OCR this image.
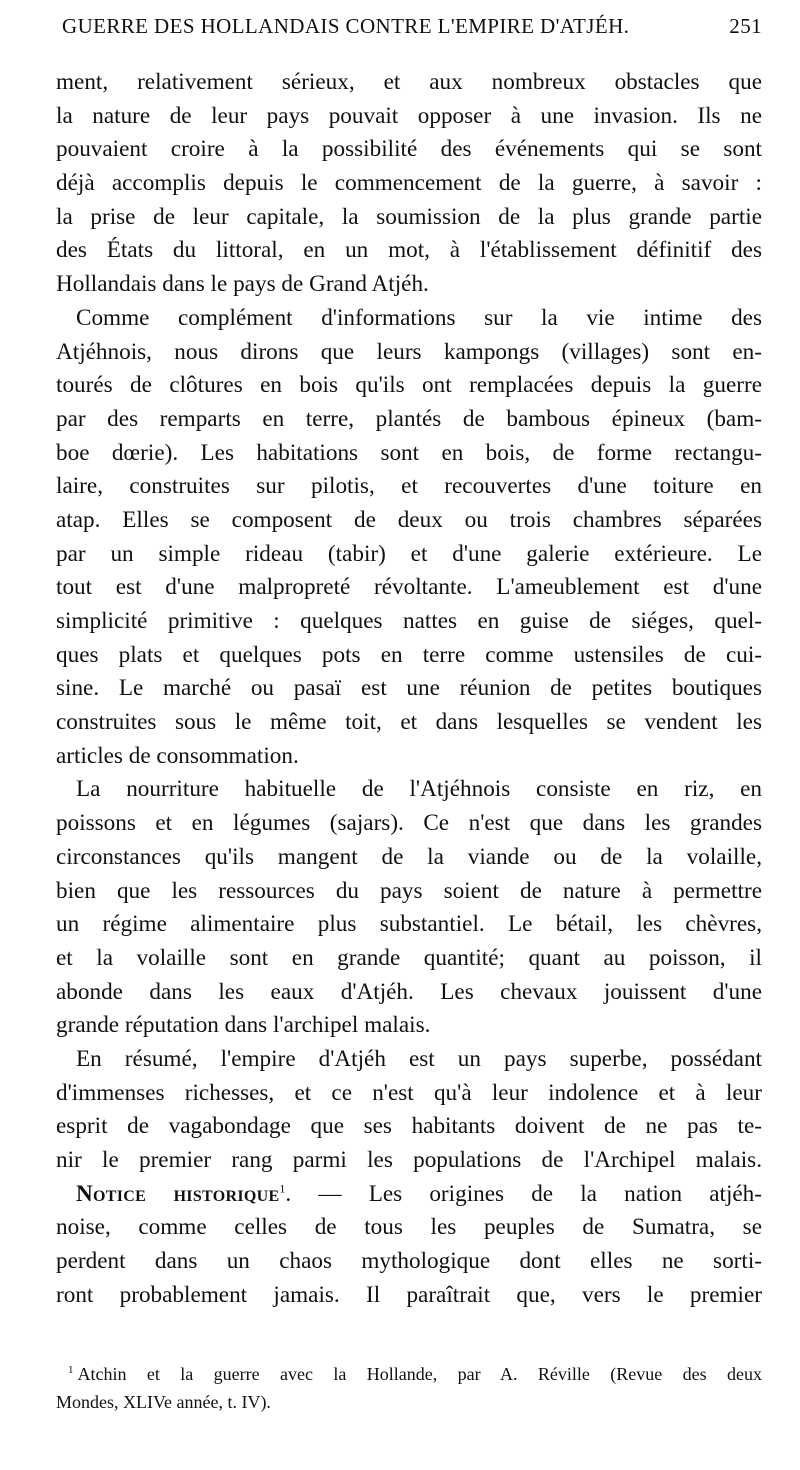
GUERRE DES HOLLANDAIS CONTRE L'EMPIRE D'ATJÉH.	251
ment, relativement sérieux, et aux nombreux obstacles que
la nature de leur pays pouvait opposer à une invasion. Ils ne
pouvaient croire à la possibilité des événements qui se sont
déjà accomplis depuis le commencement de la guerre, à savoir :
la prise de leur capitale, la soumission de la plus grande partie
des États du littoral, en un mot, à l'établissement définitif des
Hollandais dans le pays de Grand Atjéh.
Comme complément d'informations sur la vie intime des
Atjéhnois, nous dirons que leurs kampongs (villages) sont en-
tourés de clôtures en bois qu'ils ont remplacées depuis la guerre
par des remparts en terre, plantés de bambous épineux (bam-
boe dœrie). Les habitations sont en bois, de forme rectangu-
laire, construites sur pilotis, et recouvertes d'une toiture en
atap. Elles se composent de deux ou trois chambres séparées
par un simple rideau (tabir) et d'une galerie extérieure. Le
tout est d'une malpropreté révoltante. L'ameublement est d'une
simplicité primitive : quelques nattes en guise de siéges, quel-
ques plats et quelques pots en terre comme ustensiles de cui-
sine. Le marché ou pasaï est une réunion de petites boutiques
construites sous le même toit, et dans lesquelles se vendent les
articles de consommation.
La nourriture habituelle de l'Atjéhnois consiste en riz, en
poissons et en légumes (sajars). Ce n'est que dans les grandes
circonstances qu'ils mangent de la viande ou de la volaille,
bien que les ressources du pays soient de nature à permettre
un régime alimentaire plus substantiel. Le bétail, les chèvres,
et la volaille sont en grande quantité; quant au poisson, il
abonde dans les eaux d'Atjéh. Les chevaux jouissent d'une
grande réputation dans l'archipel malais.
En résumé, l'empire d'Atjéh est un pays superbe, possédant
d'immenses richesses, et ce n'est qu'à leur indolence et à leur
esprit de vagabondage que ses habitants doivent de ne pas te-
nir le premier rang parmi les populations de l'Archipel malais.
Notice historique$^1$. — Les origines de la nation atjéh-
noise, comme celles de tous les peuples de Sumatra, se
perdent dans un chaos mythologique dont elles ne sorti-
ront probablement jamais. Il paraîtrait que, vers le premier
$^1$ Atchin et la guerre avec la Hollande, par A. Réville (Revue des deux
Mondes, XLIVe année, t. IV).
